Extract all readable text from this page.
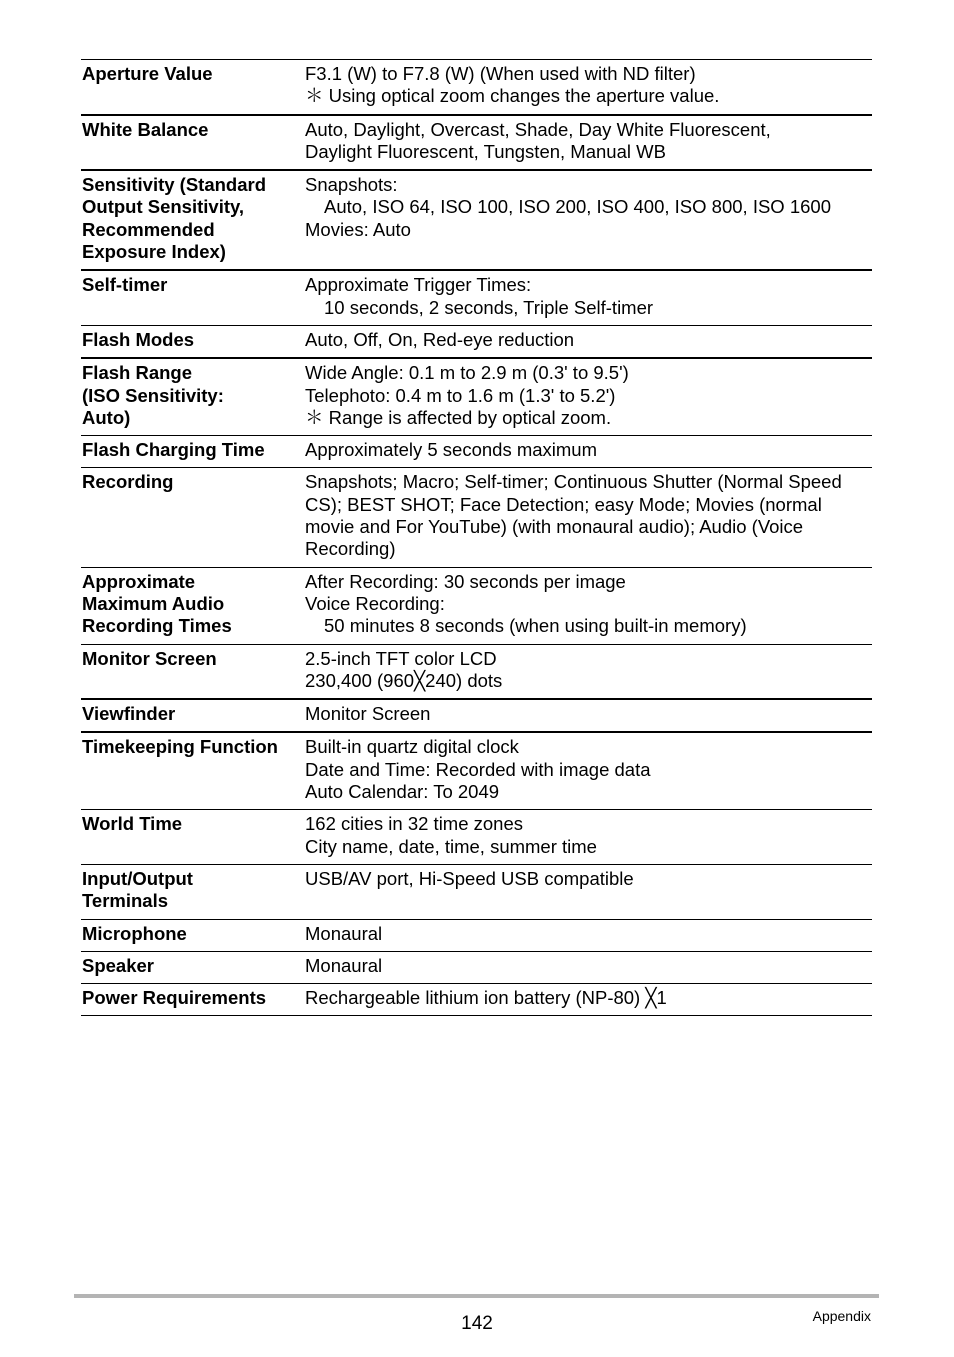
Aperture Value	F3.1 (W) to F7.8 (W) (When used with ND filter)
＊ Using optical zoom changes the aperture value.

White Balance	Auto, Daylight, Overcast, Shade, Day White Fluorescent,
Daylight Fluorescent, Tungsten, Manual WB

Sensitivity (Standard
Output Sensitivity,
Recommended
Exposure Index)	Snapshots:
Auto, ISO 64, ISO 100, ISO 200, ISO 400, ISO 800, ISO 1600
Movies: Auto

Self-timer	Approximate Trigger Times:
10 seconds, 2 seconds, Triple Self-timer

Flash Modes	Auto, Off, On, Red-eye reduction

Flash Range
(ISO Sensitivity:
Auto)	Wide Angle: 0.1 m to 2.9 m (0.3' to 9.5')
Telephoto: 0.4 m to 1.6 m (1.3' to 5.2')
＊ Range is affected by optical zoom.

Flash Charging Time	Approximately 5 seconds maximum

Recording	Snapshots; Macro; Self-timer; Continuous Shutter (Normal Speed CS); BEST SHOT; Face Detection; easy Mode; Movies (normal movie and For YouTube) (with monaural audio); Audio (Voice Recording)

Approximate
Maximum Audio
Recording Times	After Recording: 30 seconds per image
Voice Recording:
50 minutes 8 seconds (when using built-in memory)

Monitor Screen	2.5-inch TFT color LCD
230,400 (960╳240) dots

Viewfinder	Monitor Screen

Timekeeping Function	Built-in quartz digital clock
Date and Time: Recorded with image data
Auto Calendar: To 2049

World Time	162 cities in 32 time zones
City name, date, time, summer time

Input/Output
Terminals	USB/AV port, Hi-Speed USB compatible

Microphone	Monaural

Speaker	Monaural

Power Requirements	Rechargeable lithium ion battery (NP-80) ╳1
142	Appendix
